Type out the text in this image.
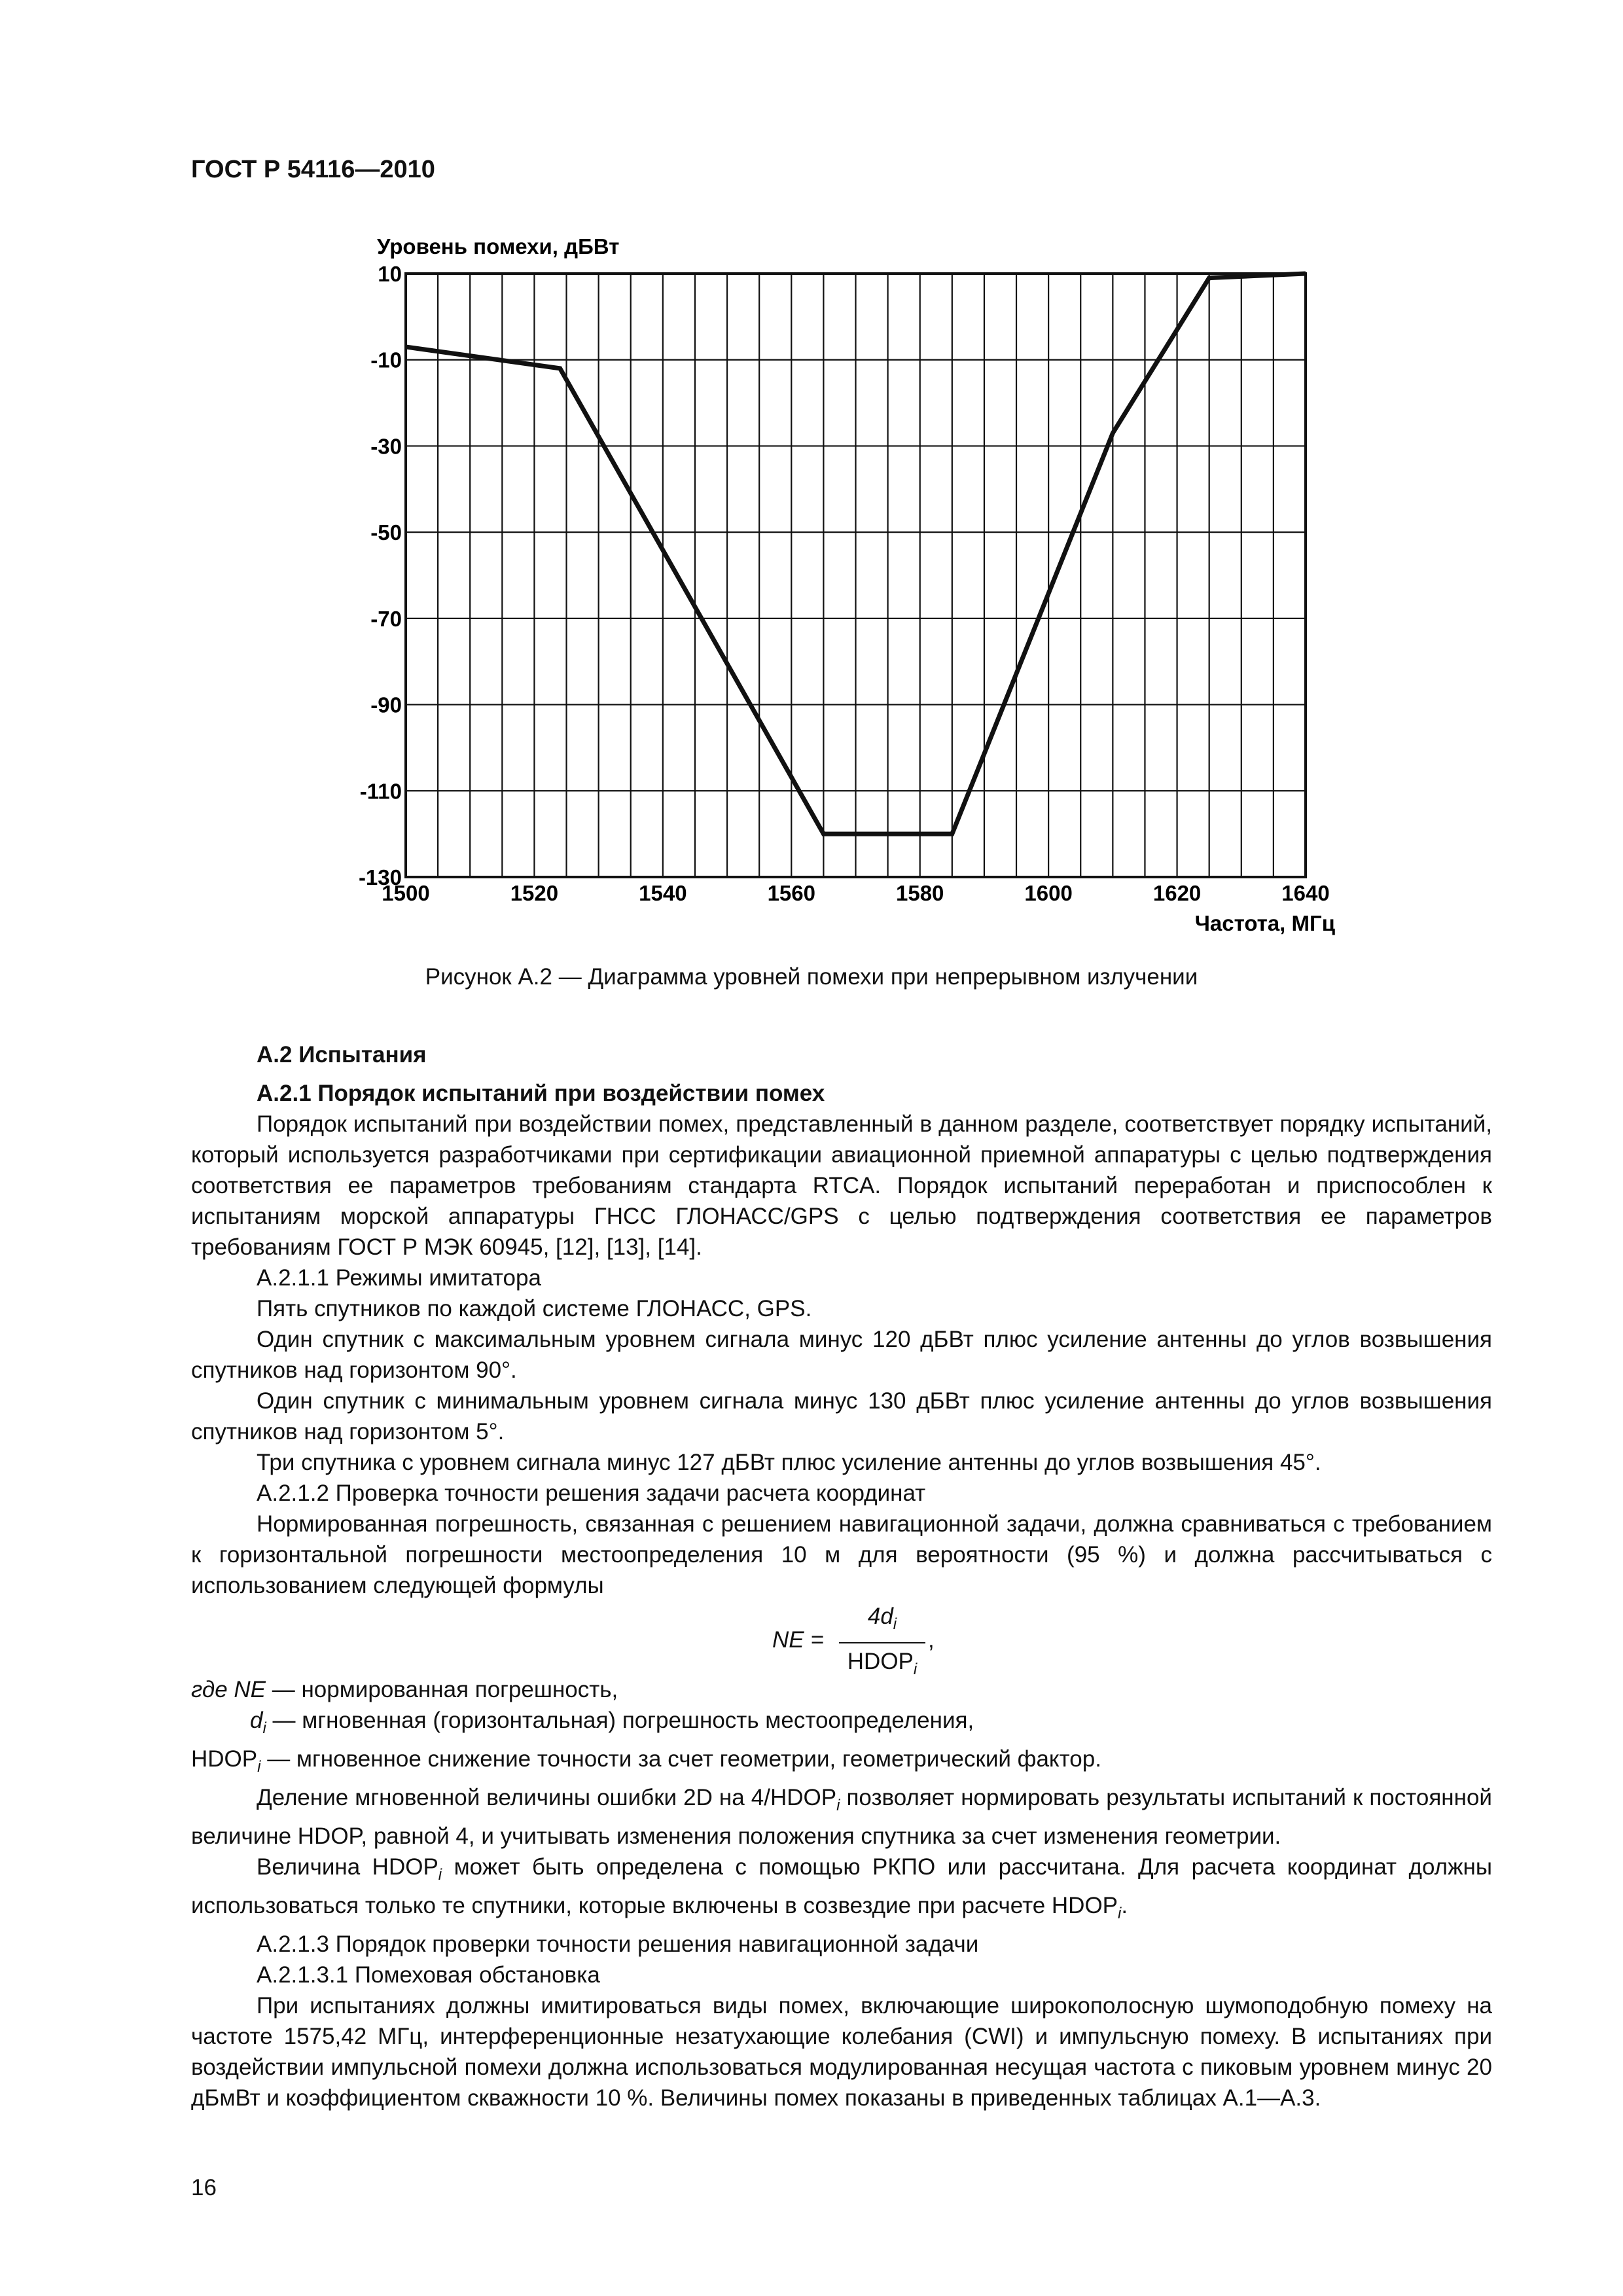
ГОСТ Р 54116—2010
Уровень помехи, дБВт
10
-10
-30
-50
-70
-90
-110
-130
1500	1520	1540	1560	1580	1600	1620	1640
Частота, МГц
Рисунок А.2 — Диаграмма уровней помехи при непрерывном излучении

А.2 Испытания

А.2.1 Порядок испытаний при воздействии помех

Порядок испытаний при воздействии помех, представленный в данном разделе, соответствует порядку испытаний, который используется разработчиками при сертификации авиационной приемной аппаратуры с целью подтверждения соответствия ее параметров требованиям стандарта RTCA. Порядок испытаний переработан и приспособлен к испытаниям морской аппаратуры ГНСС ГЛОНАСС/GPS с целью подтверждения соответствия ее параметров требованиям ГОСТ Р МЭК 60945, [12], [13], [14].

А.2.1.1 Режимы имитатора

Пять спутников по каждой системе ГЛОНАСС, GPS.

Один спутник с максимальным уровнем сигнала минус 120 дБВт плюс усиление антенны до углов возвышения спутников над горизонтом 90°.

Один спутник с минимальным уровнем сигнала минус 130 дБВт плюс усиление антенны до углов возвышения спутников над горизонтом 5°.

Три спутника с уровнем сигнала минус 127 дБВт плюс усиление антенны до углов возвышения 45°.

А.2.1.2 Проверка точности решения задачи расчета координат

Нормированная погрешность, связанная с решением навигационной задачи, должна сравниваться с требованием к горизонтальной погрешности местоопределения 10 м для вероятности (95 %) и должна рассчитываться с использованием следующей формулы

NE =
$4d_i$
$HDOP_i$
,

где NE — нормированная погрешность,

$d_i$ — мгновенная (горизонтальная) погрешность местоопределения,

$HDOP_i$ — мгновенное снижение точности за счет геометрии, геометрический фактор.

Деление мгновенной величины ошибки 2D на $4/HDOP_i$ позволяет нормировать результаты испытаний к постоянной величине HDOP, равной 4, и учитывать изменения положения спутника за счет изменения геометрии.

Величина $HDOP_i$ может быть определена с помощью РКПО или рассчитана. Для расчета координат должны использоваться только те спутники, которые включены в созвездие при расчете $HDOP_i$.

А.2.1.3 Порядок проверки точности решения навигационной задачи

А.2.1.3.1 Помеховая обстановка

При испытаниях должны имитироваться виды помех, включающие широкополосную шумоподобную помеху на частоте 1575,42 МГц, интерференционные незатухающие колебания (CWI) и импульсную помеху. В испытаниях при воздействии импульсной помехи должна использоваться модулированная несущая частота с пиковым уровнем минус 20 дБмВт и коэффициентом скважности 10 %. Величины помех показаны в приведенных таблицах А.1—А.3.

16
